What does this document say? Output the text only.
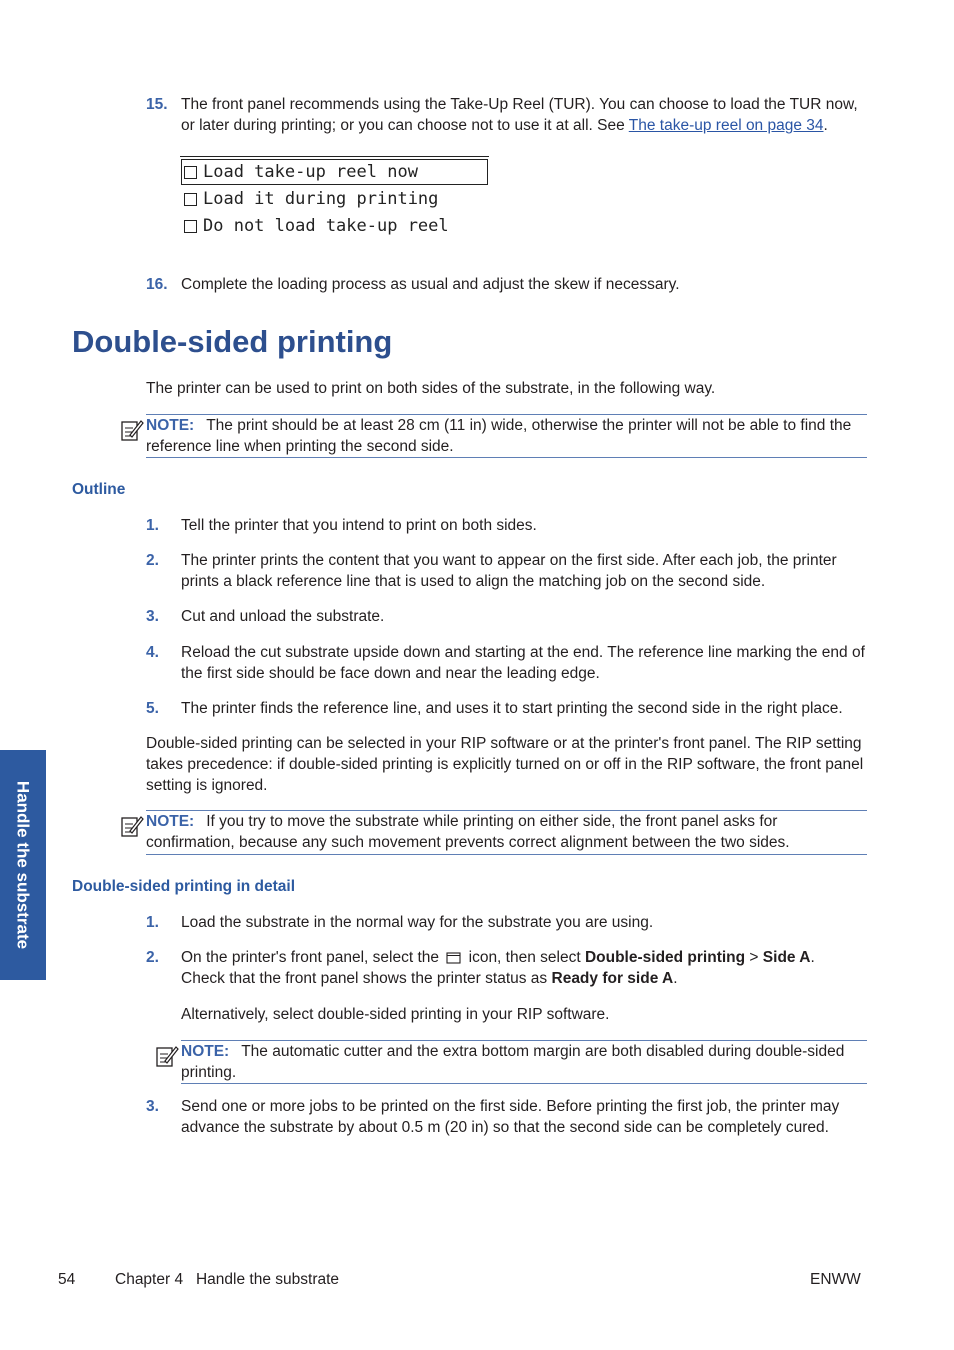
15. The front panel recommends using the Take-Up Reel (TUR). You can choose to load the TUR now, or later during printing; or you can choose not to use it at all. See The take-up reel on page 34.
Load take-up reel now
Load it during printing
Do not load take-up reel
16. Complete the loading process as usual and adjust the skew if necessary.
Double-sided printing
The printer can be used to print on both sides of the substrate, in the following way.
NOTE: The print should be at least 28 cm (11 in) wide, otherwise the printer will not be able to find the reference line when printing the second side.
Outline
1. Tell the printer that you intend to print on both sides.
2. The printer prints the content that you want to appear on the first side. After each job, the printer prints a black reference line that is used to align the matching job on the second side.
3. Cut and unload the substrate.
4. Reload the cut substrate upside down and starting at the end. The reference line marking the end of the first side should be face down and near the leading edge.
5. The printer finds the reference line, and uses it to start printing the second side in the right place.
Double-sided printing can be selected in your RIP software or at the printer's front panel. The RIP setting takes precedence: if double-sided printing is explicitly turned on or off in the RIP software, the front panel setting is ignored.
NOTE: If you try to move the substrate while printing on either side, the front panel asks for confirmation, because any such movement prevents correct alignment between the two sides.
Double-sided printing in detail
1. Load the substrate in the normal way for the substrate you are using.
2. On the printer's front panel, select the icon, then select Double-sided printing > Side A.
Check that the front panel shows the printer status as Ready for side A.
Alternatively, select double-sided printing in your RIP software.
NOTE: The automatic cutter and the extra bottom margin are both disabled during double-sided printing.
3. Send one or more jobs to be printed on the first side. Before printing the first job, the printer may advance the substrate by about 0.5 m (20 in) so that the second side can be completely cured.
Handle the substrate
54	Chapter 4   Handle the substrate	ENWW
